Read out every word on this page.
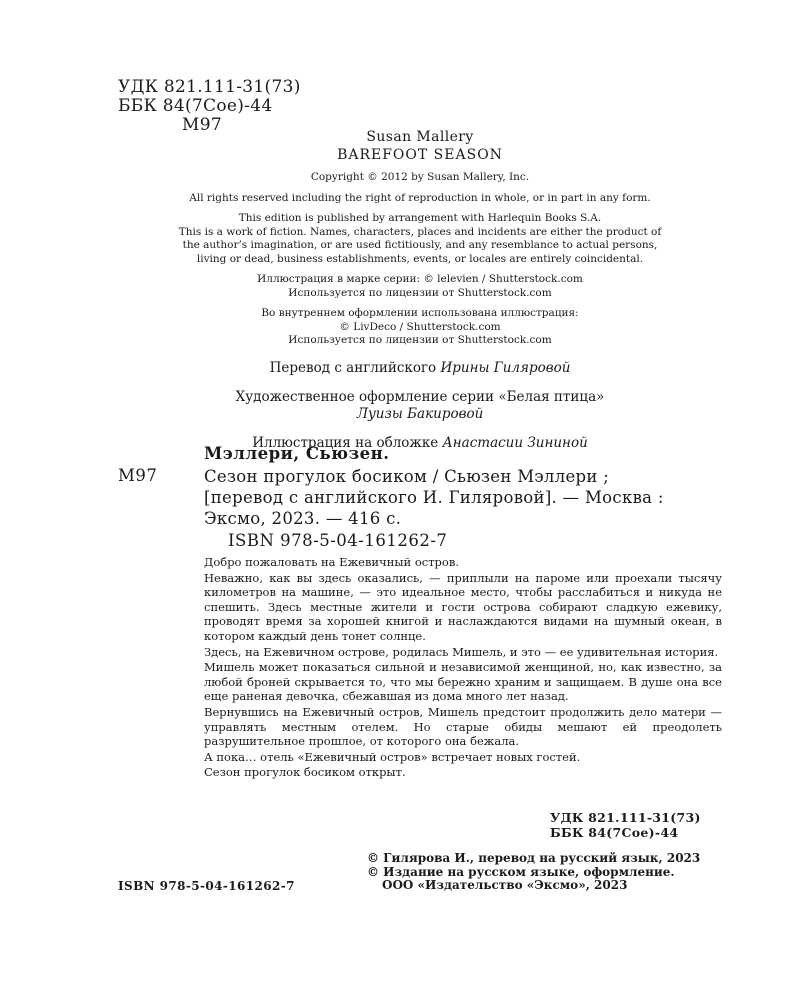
УДК 821.111-31(73)
ББК 84(7Сое)-44
М97
Susan Mallery
BAREFOOT SEASON
Copyright © 2012 by Susan Mallery, Inc.
All rights reserved including the right of reproduction in whole, or in part in any form.
This edition is published by arrangement with Harlequin Books S.A.
This is a work of fiction. Names, characters, places and incidents are either the product of
the author’s imagination, or are used fictitiously, and any resemblance to actual persons,
living or dead, business establishments, events, or locales are entirely coincidental.
Иллюстрация в марке серии: © lelevien / Shutterstock.com
Используется по лицензии от Shutterstock.com
Во внутреннем оформлении использована иллюстрация:
© LivDeco / Shutterstock.com
Используется по лицензии от Shutterstock.com
Перевод с английского Ирины Гиляровой
Художественное оформление серии «Белая птица»
Луизы Бакировой
Иллюстрация на обложке Анастасии Зининой
Мэллери, Сьюзен.
М97	Сезон прогулок босиком / Сьюзен Мэллери ;
[перевод с английского И. Гиляровой]. — Москва :
Эксмо, 2023. — 416 с.
ISBN 978-5-04-161262-7

Добро пожаловать на Ежевичный остров.

Неважно, как вы здесь оказались, — приплыли на пароме или проехали тысячу километров на машине, — это идеальное место, чтобы расслабиться и никуда не спешить. Здесь местные жители и гости острова собирают сладкую ежевику, проводят время за хорошей книгой и наслаждаются видами на шумный океан, в котором каждый день тонет солнце.

Здесь, на Ежевичном острове, родилась Мишель, и это — ее удивительная история.

Мишель может показаться сильной и независимой женщиной, но, как известно, за любой броней скрывается то, что мы бережно храним и защищаем. В душе она все еще раненая девочка, сбежавшая из дома много лет назад.

Вернувшись на Ежевичный остров, Мишель предстоит продолжить дело матери — управлять местным отелем. Но старые обиды мешают ей преодолеть разрушительное прошлое, от которого она бежала.

А пока… отель «Ежевичный остров» встречает новых гостей.

Сезон прогулок босиком открыт.

УДК 821.111-31(73)
ББК 84(7Сое)-44
© Гилярова И., перевод на русский язык, 2023
© Издание на русском языке, оформление.
ООО «Издательство «Эксмо», 2023
ISBN 978-5-04-161262-7
